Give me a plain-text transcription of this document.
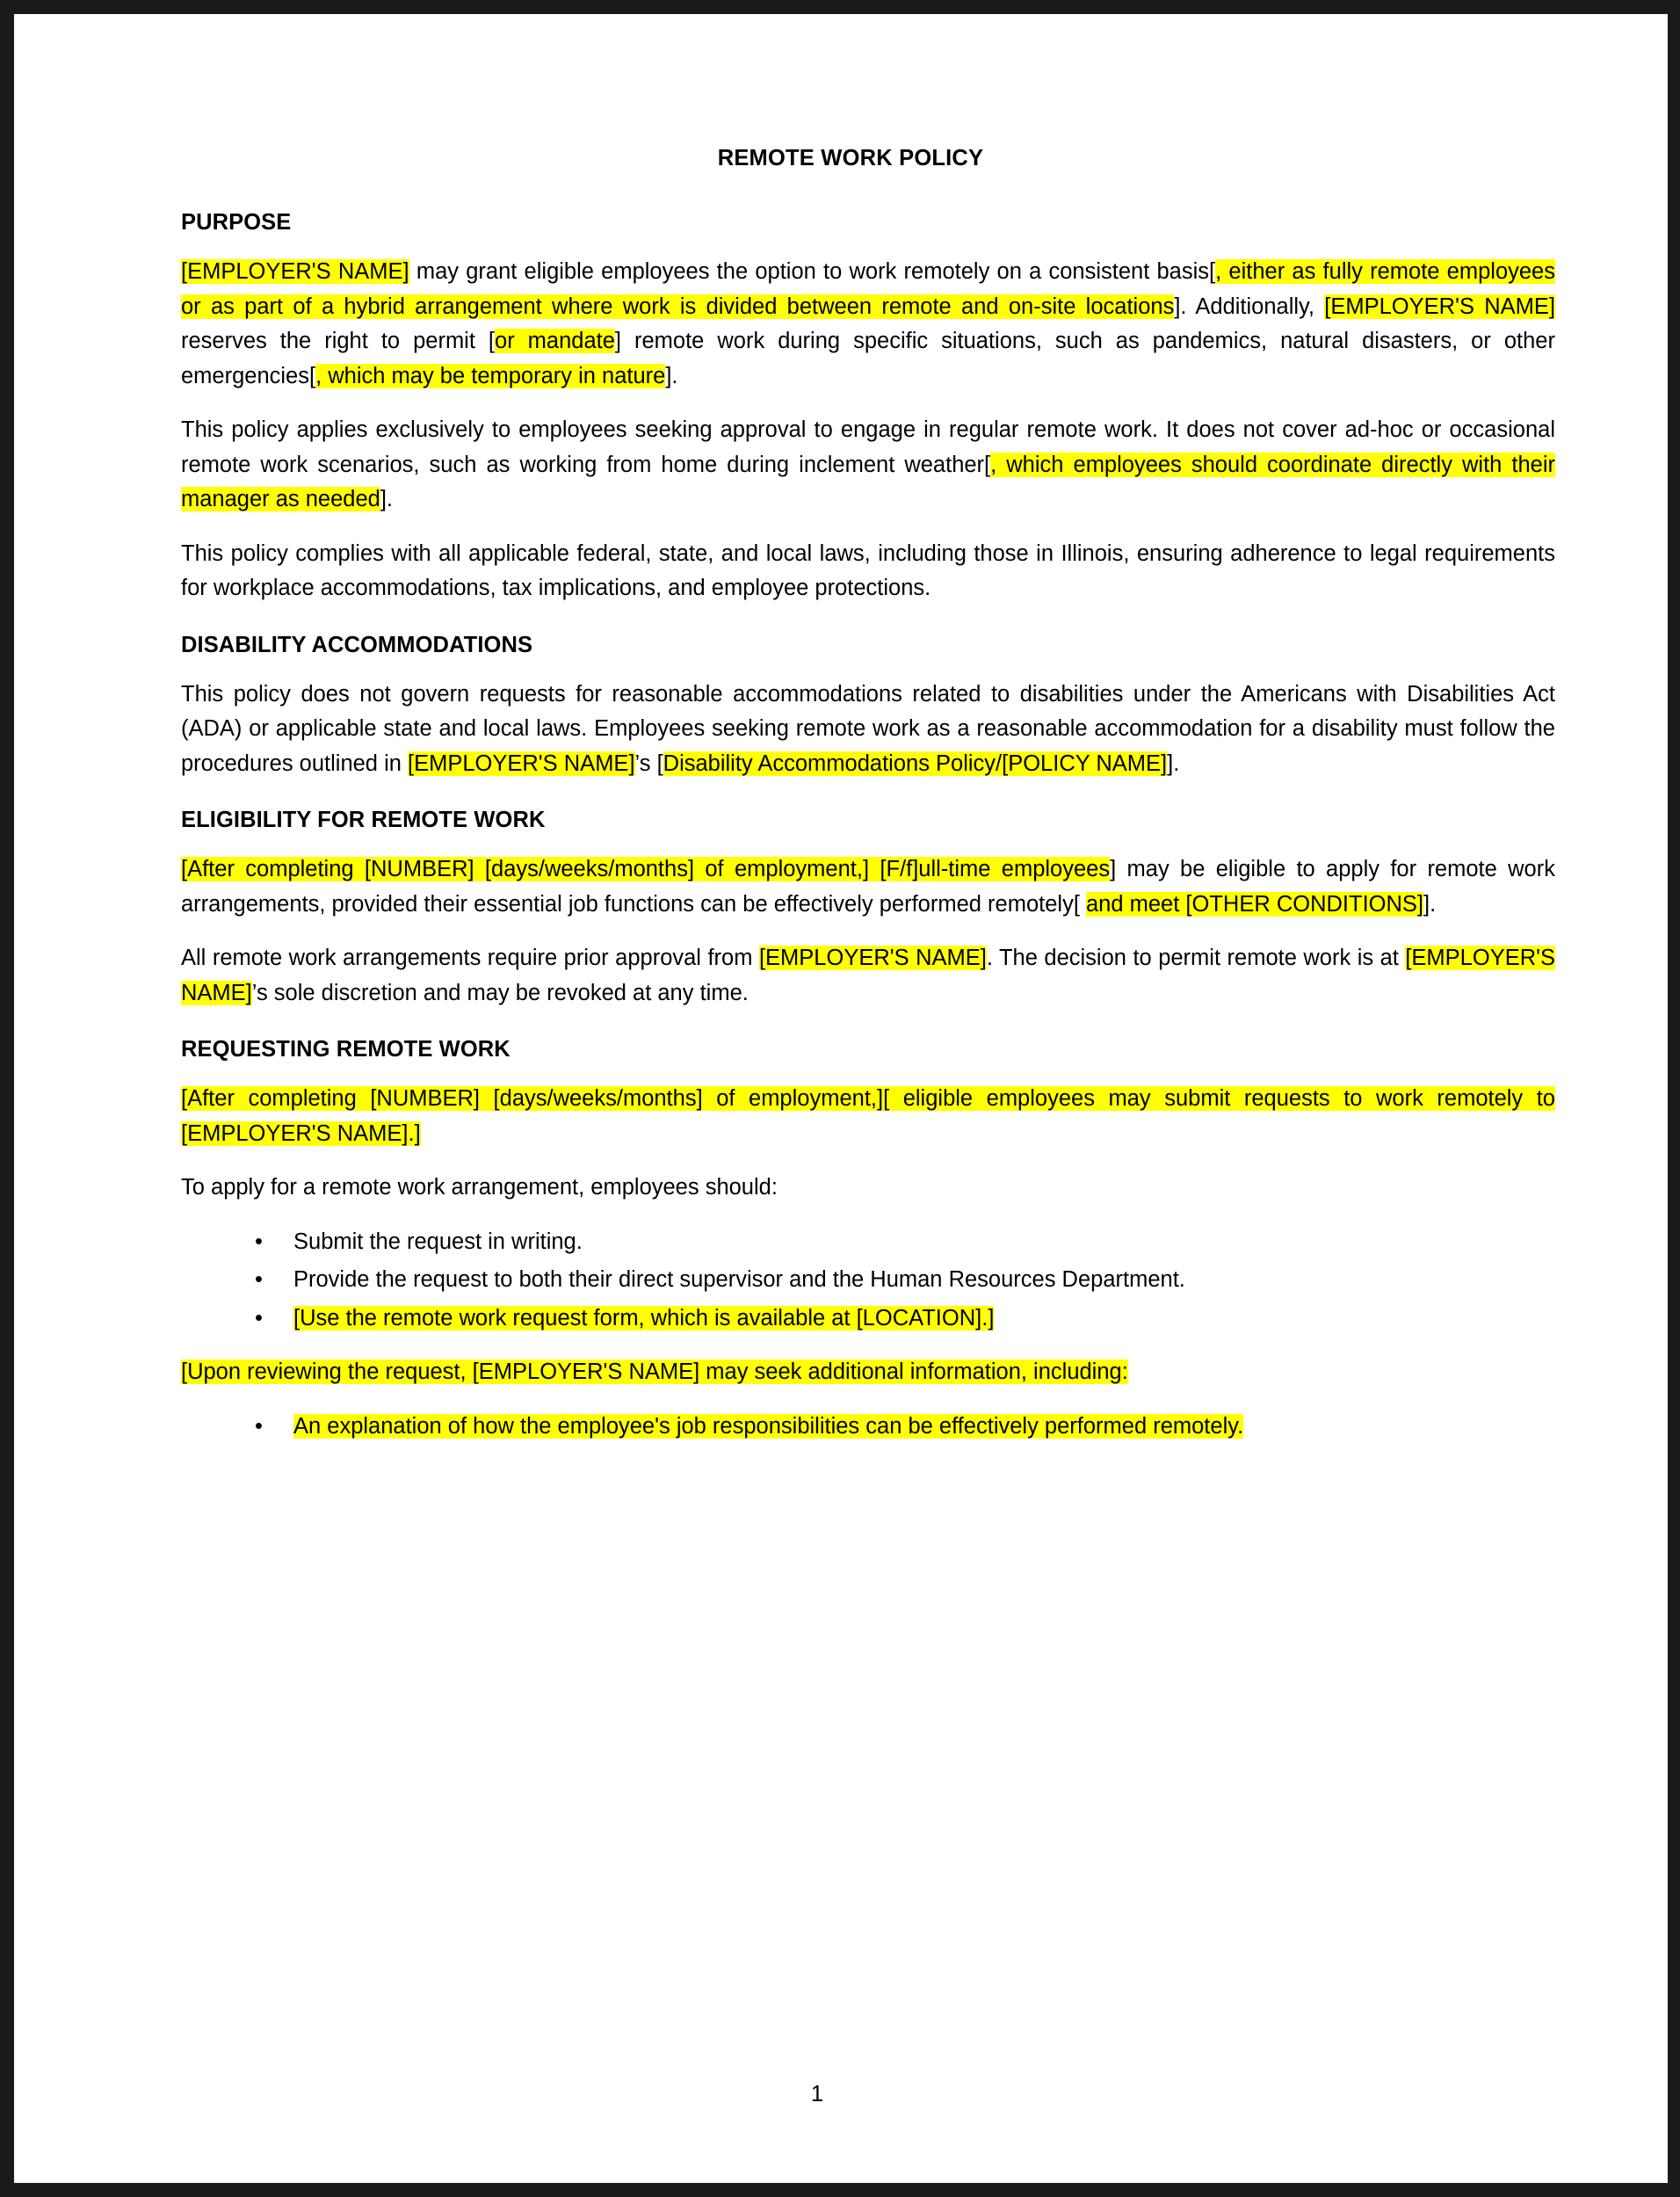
REMOTE WORK POLICY
PURPOSE

[EMPLOYER'S NAME] may grant eligible employees the option to work remotely on a consistent basis[, either as fully remote employees or as part of a hybrid arrangement where work is divided between remote and on-site locations]. Additionally, [EMPLOYER'S NAME] reserves the right to permit [or mandate] remote work during specific situations, such as pandemics, natural disasters, or other emergencies[, which may be temporary in nature].

This policy applies exclusively to employees seeking approval to engage in regular remote work. It does not cover ad-hoc or occasional remote work scenarios, such as working from home during inclement weather[, which employees should coordinate directly with their manager as needed].

This policy complies with all applicable federal, state, and local laws, including those in Illinois, ensuring adherence to legal requirements for workplace accommodations, tax implications, and employee protections.

DISABILITY ACCOMMODATIONS

This policy does not govern requests for reasonable accommodations related to disabilities under the Americans with Disabilities Act (ADA) or applicable state and local laws. Employees seeking remote work as a reasonable accommodation for a disability must follow the procedures outlined in [EMPLOYER'S NAME]’s [Disability Accommodations Policy/[POLICY NAME]].

ELIGIBILITY FOR REMOTE WORK

[After completing [NUMBER] [days/weeks/months] of employment,] [F/f]ull-time employees] may be eligible to apply for remote work arrangements, provided their essential job functions can be effectively performed remotely[ and meet [OTHER CONDITIONS]].

All remote work arrangements require prior approval from [EMPLOYER'S NAME]. The decision to permit remote work is at [EMPLOYER'S NAME]’s sole discretion and may be revoked at any time.

REQUESTING REMOTE WORK

[After completing [NUMBER] [days/weeks/months] of employment,][ eligible employees may submit requests to work remotely to [EMPLOYER'S NAME].]

To apply for a remote work arrangement, employees should:

• Submit the request in writing.
• Provide the request to both their direct supervisor and the Human Resources Department.
• [Use the remote work request form, which is available at [LOCATION].]

[Upon reviewing the request, [EMPLOYER'S NAME] may seek additional information, including:

• An explanation of how the employee's job responsibilities can be effectively performed remotely.
1
